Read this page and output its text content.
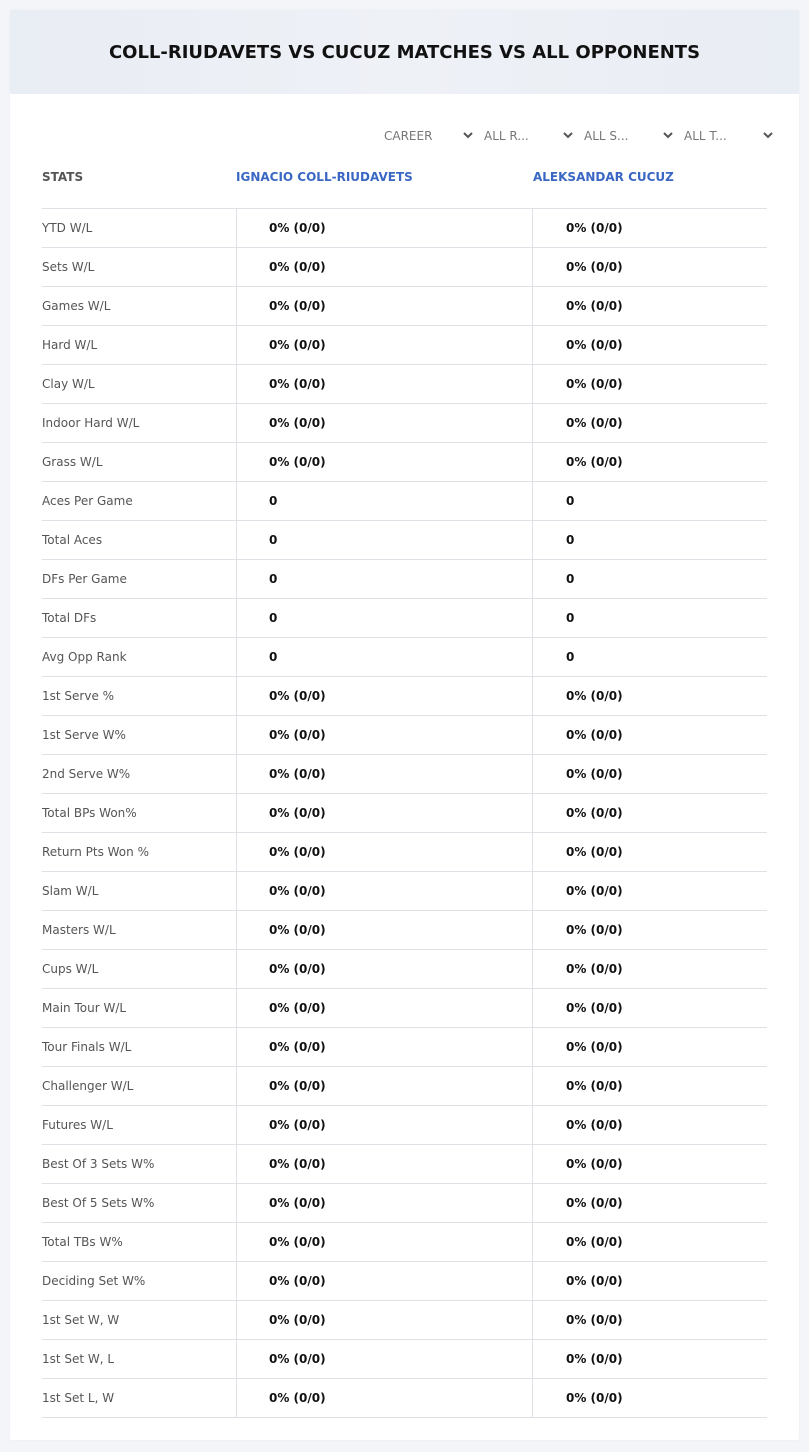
COLL-RIUDAVETS VS CUCUZ MATCHES VS ALL OPPONENTS
CAREER	ALL R...	ALL S...	ALL T...
STATS	IGNACIO COLL-RIUDAVETS	ALEKSANDAR CUCUZ
YTD W/L	0% (0/0)	0% (0/0)
Sets W/L	0% (0/0)	0% (0/0)
Games W/L	0% (0/0)	0% (0/0)
Hard W/L	0% (0/0)	0% (0/0)
Clay W/L	0% (0/0)	0% (0/0)
Indoor Hard W/L	0% (0/0)	0% (0/0)
Grass W/L	0% (0/0)	0% (0/0)
Aces Per Game	0	0
Total Aces	0	0
DFs Per Game	0	0
Total DFs	0	0
Avg Opp Rank	0	0
1st Serve %	0% (0/0)	0% (0/0)
1st Serve W%	0% (0/0)	0% (0/0)
2nd Serve W%	0% (0/0)	0% (0/0)
Total BPs Won%	0% (0/0)	0% (0/0)
Return Pts Won %	0% (0/0)	0% (0/0)
Slam W/L	0% (0/0)	0% (0/0)
Masters W/L	0% (0/0)	0% (0/0)
Cups W/L	0% (0/0)	0% (0/0)
Main Tour W/L	0% (0/0)	0% (0/0)
Tour Finals W/L	0% (0/0)	0% (0/0)
Challenger W/L	0% (0/0)	0% (0/0)
Futures W/L	0% (0/0)	0% (0/0)
Best Of 3 Sets W%	0% (0/0)	0% (0/0)
Best Of 5 Sets W%	0% (0/0)	0% (0/0)
Total TBs W%	0% (0/0)	0% (0/0)
Deciding Set W%	0% (0/0)	0% (0/0)
1st Set W, W	0% (0/0)	0% (0/0)
1st Set W, L	0% (0/0)	0% (0/0)
1st Set L, W	0% (0/0)	0% (0/0)
